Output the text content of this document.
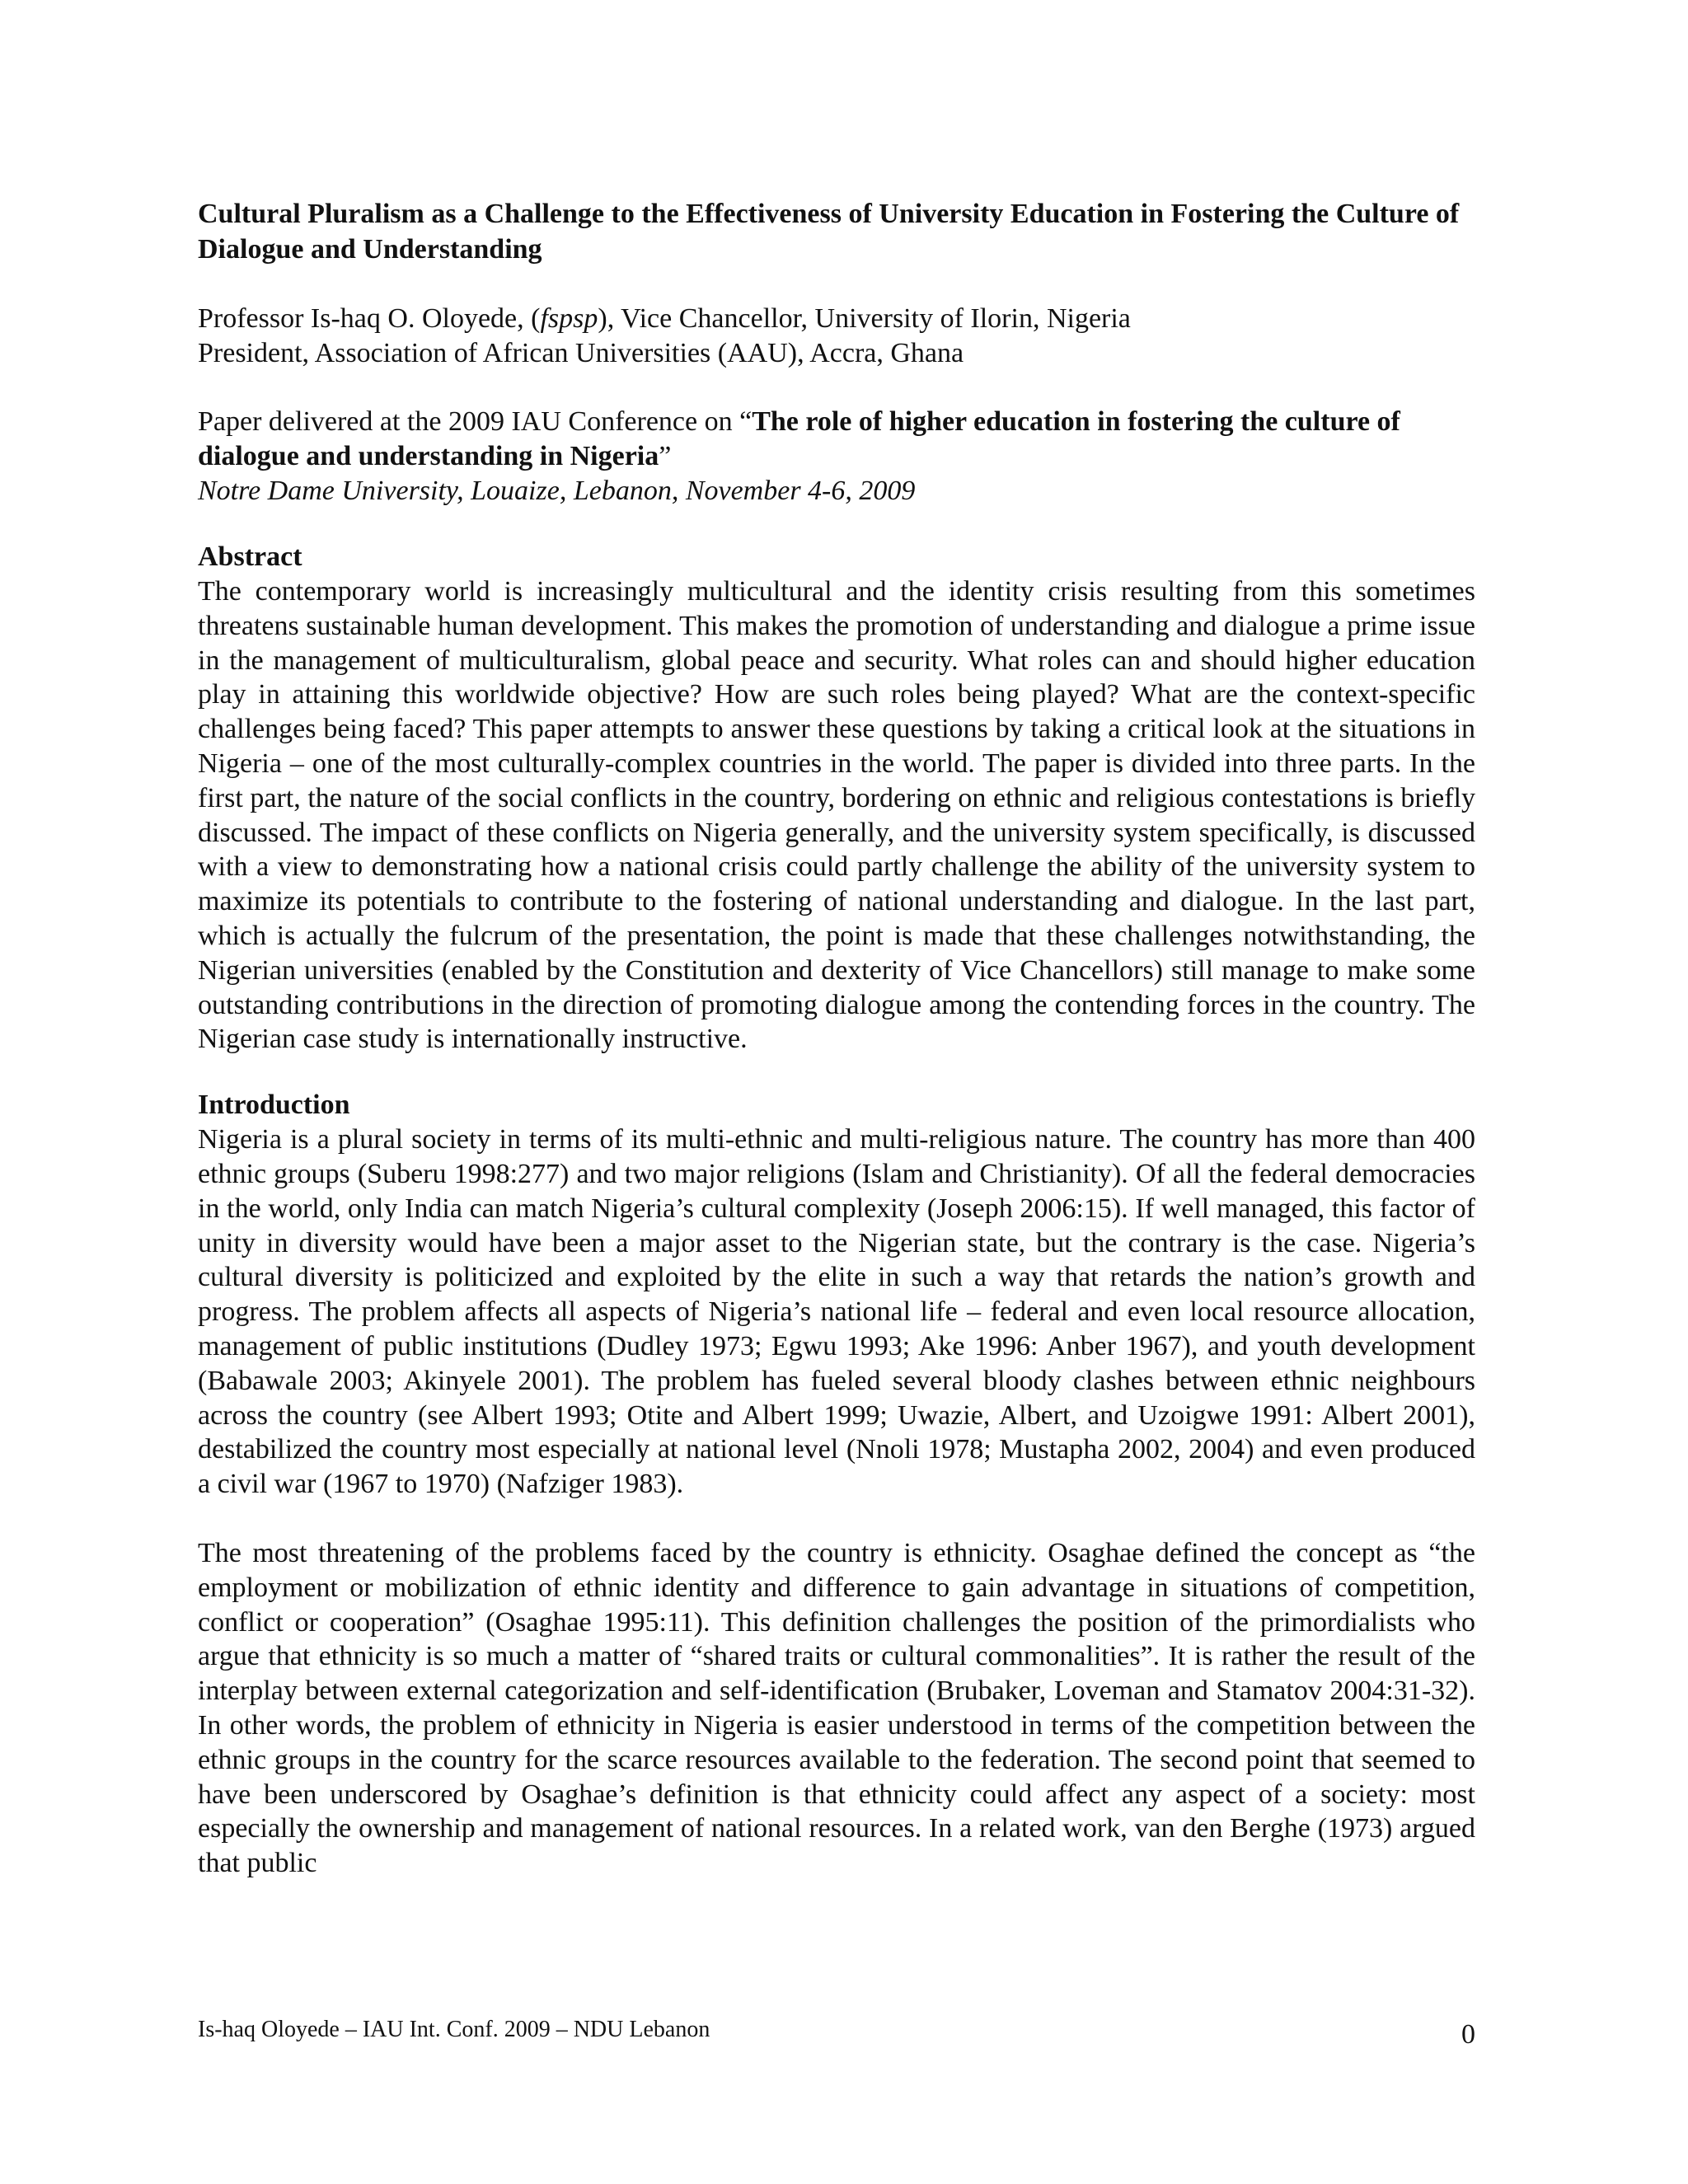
Cultural Pluralism as a Challenge to the Effectiveness of University Education in Fostering the Culture of Dialogue and Understanding
Professor Is-haq O. Oloyede, (fspsp), Vice Chancellor, University of Ilorin, Nigeria
President, Association of African Universities (AAU), Accra, Ghana
Paper delivered at the 2009 IAU Conference on “The role of higher education in fostering the culture of dialogue and understanding in Nigeria”
Notre Dame University, Louaize, Lebanon, November 4-6, 2009
Abstract

The contemporary world is increasingly multicultural and the identity crisis resulting from this sometimes threatens sustainable human development. This makes the promotion of understanding and dialogue a prime issue in the management of multiculturalism, global peace and security. What roles can and should higher education play in attaining this worldwide objective? How are such roles being played? What are the context-specific challenges being faced? This paper attempts to answer these questions by taking a critical look at the situations in Nigeria – one of the most culturally-complex countries in the world. The paper is divided into three parts. In the first part, the nature of the social conflicts in the country, bordering on ethnic and religious contestations is briefly discussed. The impact of these conflicts on Nigeria generally, and the university system specifically, is discussed with a view to demonstrating how a national crisis could partly challenge the ability of the university system to maximize its potentials to contribute to the fostering of national understanding and dialogue. In the last part, which is actually the fulcrum of the presentation, the point is made that these challenges notwithstanding, the Nigerian universities (enabled by the Constitution and dexterity of Vice Chancellors) still manage to make some outstanding contributions in the direction of promoting dialogue among the contending forces in the country. The Nigerian case study is internationally instructive.

Introduction

Nigeria is a plural society in terms of its multi-ethnic and multi-religious nature. The country has more than 400 ethnic groups (Suberu 1998:277) and two major religions (Islam and Christianity). Of all the federal democracies in the world, only India can match Nigeria’s cultural complexity (Joseph 2006:15). If well managed, this factor of unity in diversity would have been a major asset to the Nigerian state, but the contrary is the case. Nigeria’s cultural diversity is politicized and exploited by the elite in such a way that retards the nation’s growth and progress. The problem affects all aspects of Nigeria’s national life – federal and even local resource allocation, management of public institutions (Dudley 1973; Egwu 1993; Ake 1996: Anber 1967), and youth development (Babawale 2003; Akinyele 2001). The problem has fueled several bloody clashes between ethnic neighbours across the country (see Albert 1993; Otite and Albert 1999; Uwazie, Albert, and Uzoigwe 1991: Albert 2001), destabilized the country most especially at national level (Nnoli 1978; Mustapha 2002, 2004) and even produced a civil war (1967 to 1970) (Nafziger 1983).

The most threatening of the problems faced by the country is ethnicity. Osaghae defined the concept as “the employment or mobilization of ethnic identity and difference to gain advantage in situations of competition, conflict or cooperation” (Osaghae 1995:11). This definition challenges the position of the primordialists who argue that ethnicity is so much a matter of “shared traits or cultural commonalities”. It is rather the result of the interplay between external categorization and self-identification (Brubaker, Loveman and Stamatov 2004:31-32). In other words, the problem of ethnicity in Nigeria is easier understood in terms of the competition between the ethnic groups in the country for the scarce resources available to the federation. The second point that seemed to have been underscored by Osaghae’s definition is that ethnicity could affect any aspect of a society: most especially the ownership and management of national resources. In a related work, van den Berghe (1973) argued that public

Is-haq Oloyede – IAU Int. Conf. 2009 – NDU Lebanon	0
